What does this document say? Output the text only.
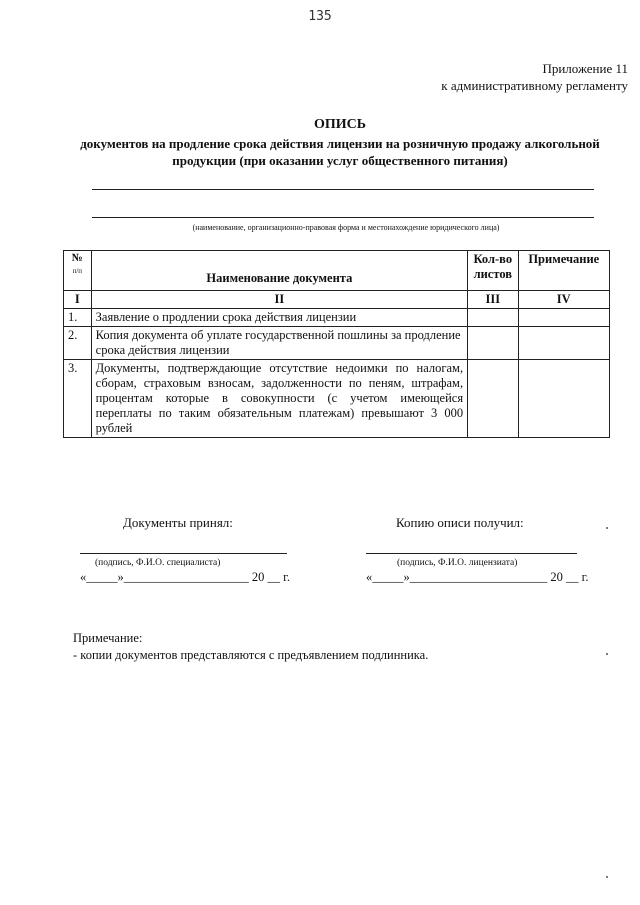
135
Приложение 11
к административному регламенту
ОПИСЬ
документов на продление срока действия лицензии на розничную продажу алкогольной продукции (при оказании услуг общественного питания)
(наименование, организационно-правовая форма и местонахождение юридического лица)
№
п/п	Наименование документа	Кол-во листов	Примечание
I	II	III	IV
1.	Заявление о продлении срока действия лицензии		
2.	Копия документа об уплате государственной пошлины за продление срока действия лицензии		
3.	Документы, подтверждающие отсутствие недоимки по налогам, сборам, страховым взносам, задолженности по пеням, штрафам, процентам которые в совокупности (с учетом имеющейся переплаты по таким обязательным платежам) превышают 3 000 рублей		
Документы принял:
(подпись, Ф.И.О. специалиста)
«_____»____________________ 20 __ г.
Копию описи получил:
(подпись, Ф.И.О. лицензиата)
«_____»______________________ 20 __ г.
Примечание:
- копии документов представляются с предъявлением подлинника.
